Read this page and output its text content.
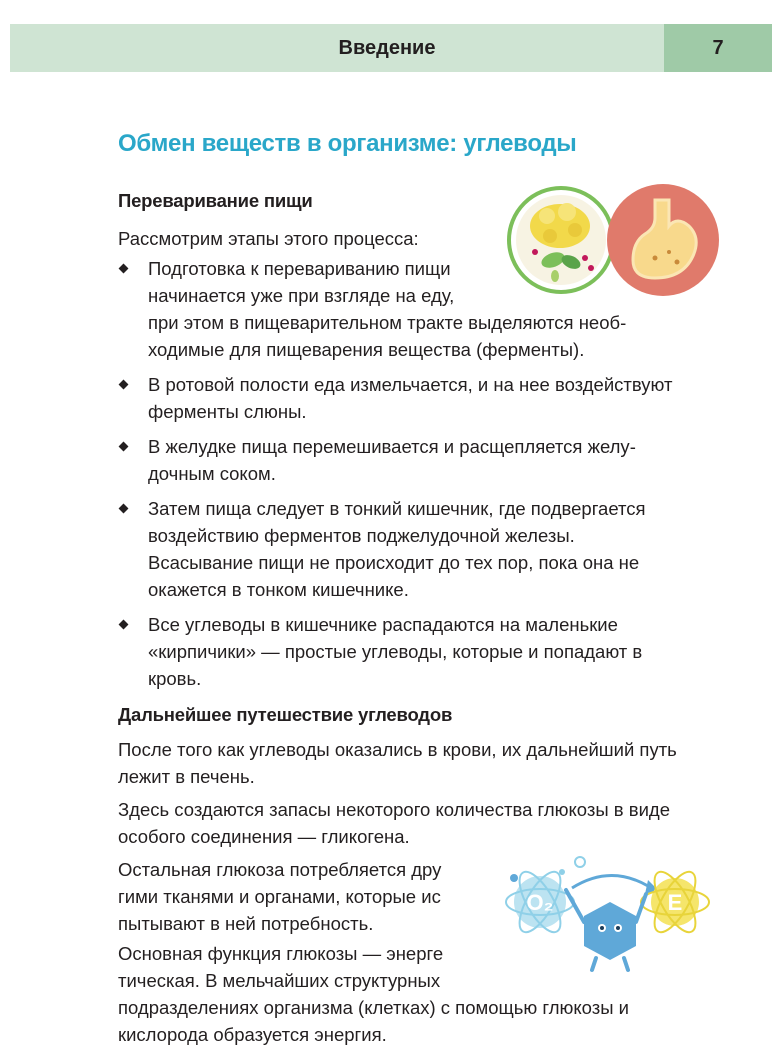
Введение	7
Обмен веществ в организме: углеводы
Переваривание пищи
Рассмотрим этапы этого процесса:
Подготовка к перевариванию пищи
начинается уже при взгляде на еду,
при этом в пищеварительном тракте выделяются необходимые для пищеварения вещества (ферменты).
В ротовой полости еда измельчается, и на нее воздействуют ферменты слюны.
В желудке пища перемешивается и расщепляется желудочным соком.
Затем пища следует в тонкий кишечник, где подвергается воздействию ферментов поджелудочной железы. Всасывание пищи не происходит до тех пор, пока она не окажется в тонком кишечнике.
Все углеводы в кишечнике распадаются на маленькие «кирпичики» — простые углеводы, которые и попадают в кровь.
Дальнейшее путешествие углеводов
После того как углеводы оказались в крови, их дальнейший путь лежит в печень.
Здесь создаются запасы некоторого количества глюкозы в виде особого соединения — гликогена.
Остальная глюкоза потребляется дру
гими тканями и органами, которые ис
пытывают в ней потребность.
Основная функция глюкозы — энерге
тическая. В мельчайших структурных
подразделениях организма (клетках) с помощью глюкозы и кислорода образуется энергия.
O₂	E
